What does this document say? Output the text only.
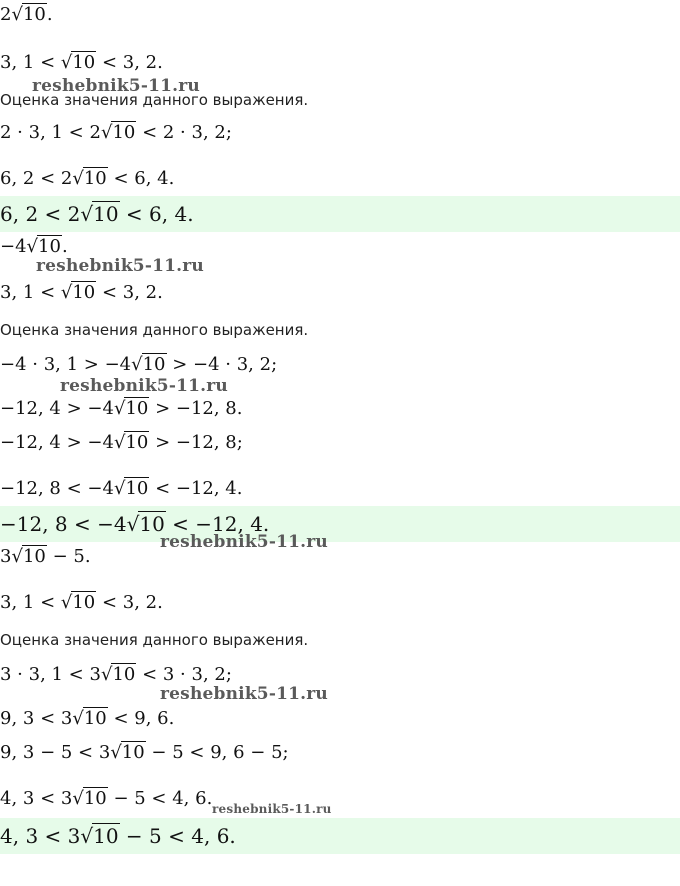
2√10.
3, 1 < √10 < 3, 2.
reshebnik5-11.ru
Оценка значения данного выражения.
2 · 3, 1 < 2√10 < 2 · 3, 2;
6, 2 < 2√10 < 6, 4.
6, 2 < 2√10 < 6, 4.
−4√10.
reshebnik5-11.ru
3, 1 < √10 < 3, 2.
Оценка значения данного выражения.
−4 · 3, 1 > −4√10 > −4 · 3, 2;
reshebnik5-11.ru
−12, 4 > −4√10 > −12, 8.
−12, 4 > −4√10 > −12, 8;
−12, 8 < −4√10 < −12, 4.
−12, 8 < −4√10 < −12, 4.
reshebnik5-11.ru
3√10 − 5.
3, 1 < √10 < 3, 2.
Оценка значения данного выражения.
3 · 3, 1 < 3√10 < 3 · 3, 2;
reshebnik5-11.ru
9, 3 < 3√10 < 9, 6.
9, 3 − 5 < 3√10 − 5 < 9, 6 − 5;
4, 3 < 3√10 − 5 < 4, 6. reshebnik5-11.ru
4, 3 < 3√10 − 5 < 4, 6.
